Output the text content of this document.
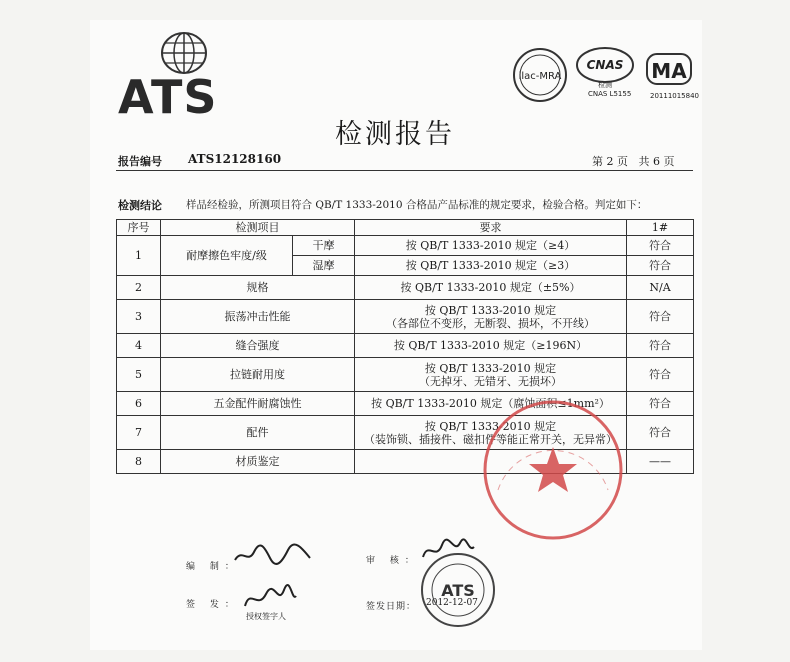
ATS	ilac-MRA
CNAS
检测
CNAS L5155
MA
20111015840
检测报告
报告编号 ATS12128160	第 2 页   共 6 页
检测结论 样品经检验，所测项目符合 QB/T 1333-2010 合格品产品标准的规定要求，检验合格。判定如下：
序号	检测项目		要求	1#
1	耐摩擦色牢度/级	干摩	按 QB/T 1333-2010 规定（≥4）	符合
		湿摩	按 QB/T 1333-2010 规定（≥3）	符合
2	规格		按 QB/T 1333-2010 规定（±5%）	N/A
3	振荡冲击性能		按 QB/T 1333-2010 规定
（各部位不变形，无断裂、损坏，不开线）	符合
4	缝合强度		按 QB/T 1333-2010 规定（≥196N）	符合
5	拉链耐用度		按 QB/T 1333-2010 规定
（无掉牙、无错牙、无损坏）	符合
6	五金配件耐腐蚀性		按 QB/T 1333-2010 规定（腐蚀面积≤1mm²）	符合
7	配件		按 QB/T 1333-2010 规定
（装饰锁、插接件、磁扣件等能正常开关，无异常）	符合
8	材质鉴定			——
编 制：
审 核：
签 发：
授权签字人
签发日期： 2012-12-07
ATS
